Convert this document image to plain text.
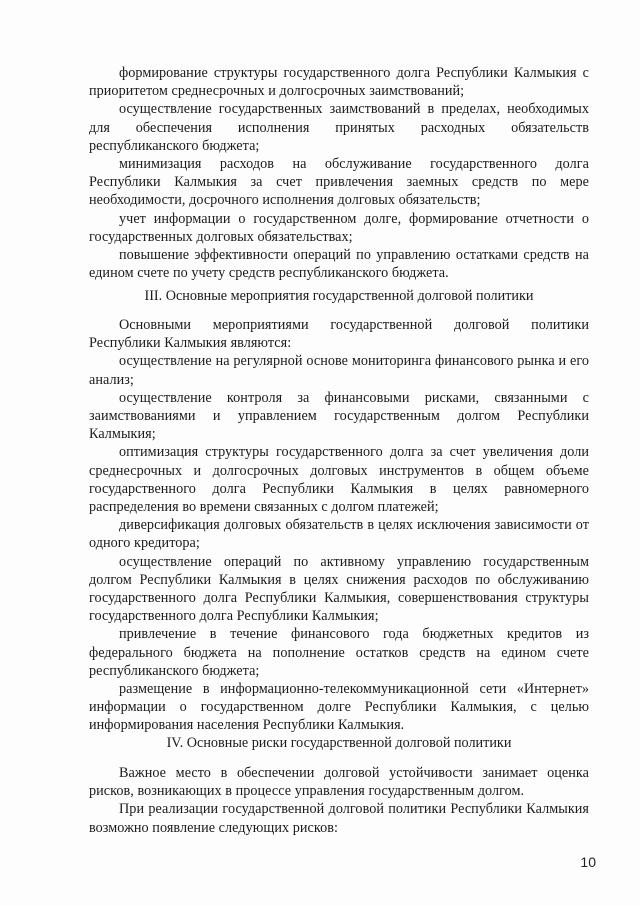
формирование структуры государственного долга Республики Калмыкия с приоритетом среднесрочных и долгосрочных заимствований;

осуществление государственных заимствований в пределах, необходимых для обеспечения исполнения принятых расходных обязательств республиканского бюджета;

минимизация расходов на обслуживание государственного долга Республики Калмыкия за счет привлечения заемных средств по мере необходимости, досрочного исполнения долговых обязательств;

учет информации о государственном долге, формирование отчетности о государственных долговых обязательствах;

повышение эффективности операций по управлению остатками средств на едином счете по учету средств республиканского бюджета.

III. Основные мероприятия государственной долговой политики

Основными мероприятиями государственной долговой политики Республики Калмыкия являются:

осуществление на регулярной основе мониторинга финансового рынка и его анализ;

осуществление контроля за финансовыми рисками, связанными с заимствованиями и управлением государственным долгом Республики Калмыкия;

оптимизация структуры государственного долга за счет увеличения доли среднесрочных и долгосрочных долговых инструментов в общем объеме государственного долга Республики Калмыкия в целях равномерного распределения во времени связанных с долгом платежей;

диверсификация долговых обязательств в целях исключения зависимости от одного кредитора;

осуществление операций по активному управлению государственным долгом Республики Калмыкия в целях снижения расходов по обслуживанию государственного долга Республики Калмыкия, совершенствования структуры государственного долга Республики Калмыкия;

привлечение в течение финансового года бюджетных кредитов из федерального бюджета на пополнение остатков средств на едином счете республиканского бюджета;

размещение в информационно-телекоммуникационной сети «Интернет» информации о государственном долге Республики Калмыкия, с целью информирования населения Республики Калмыкия.

IV. Основные риски государственной долговой политики

Важное место в обеспечении долговой устойчивости занимает оценка рисков, возникающих в процессе управления государственным долгом.

При реализации государственной долговой политики Республики Калмыкия возможно появление следующих рисков:

10
